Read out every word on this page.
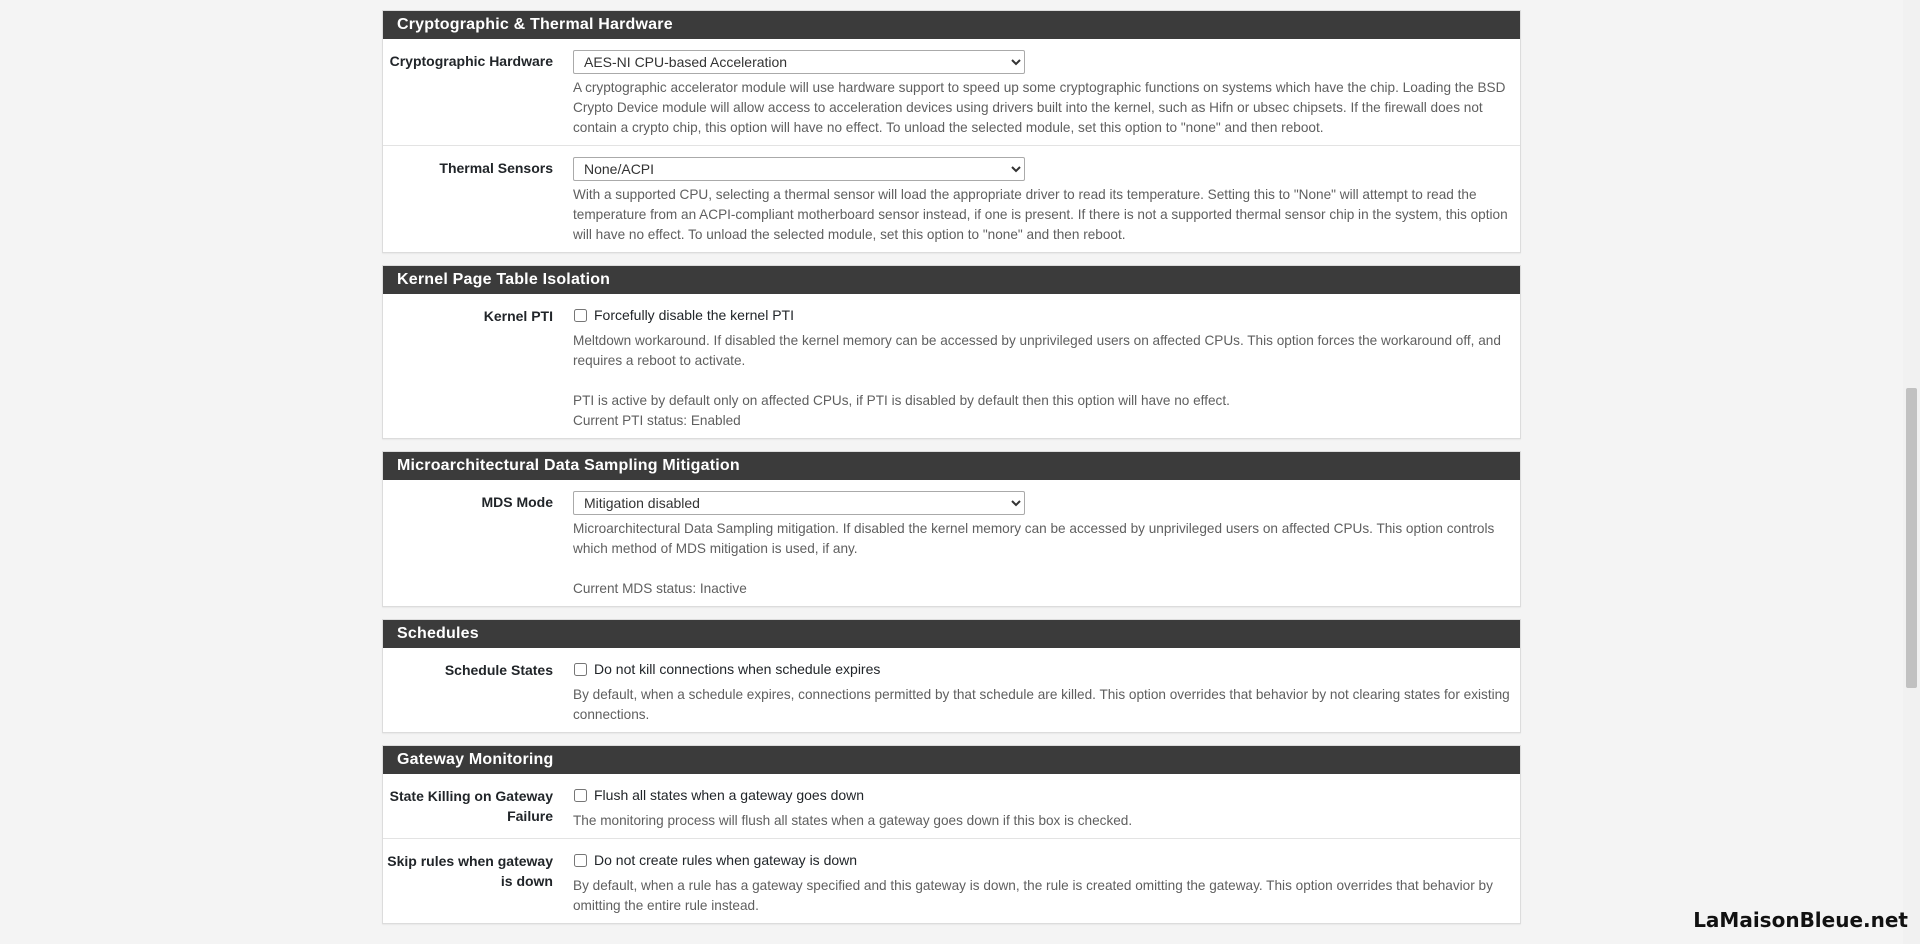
Cryptographic & Thermal Hardware
Cryptographic Hardware
AES-NI CPU-based Acceleration
A cryptographic accelerator module will use hardware support to speed up some cryptographic functions on systems which have the chip. Loading the BSD Crypto Device module will allow access to acceleration devices using drivers built into the kernel, such as Hifn or ubsec chipsets. If the firewall does not contain a crypto chip, this option will have no effect. To unload the selected module, set this option to "none" and then reboot.
Thermal Sensors
None/ACPI
With a supported CPU, selecting a thermal sensor will load the appropriate driver to read its temperature. Setting this to "None" will attempt to read the temperature from an ACPI-compliant motherboard sensor instead, if one is present. If there is not a supported thermal sensor chip in the system, this option will have no effect. To unload the selected module, set this option to "none" and then reboot.
Kernel Page Table Isolation
Kernel PTI	Forcefully disable the kernel PTI

Meltdown workaround. If disabled the kernel memory can be accessed by unprivileged users on affected CPUs. This option forces the workaround off, and requires a reboot to activate.

PTI is active by default only on affected CPUs, if PTI is disabled by default then this option will have no effect.

Current PTI status: Enabled

Microarchitectural Data Sampling Mitigation
MDS Mode
Mitigation disabled

Microarchitectural Data Sampling mitigation. If disabled the kernel memory can be accessed by unprivileged users on affected CPUs. This option controls which method of MDS mitigation is used, if any.

Current MDS status: Inactive

Schedules
Schedule States	Do not kill connections when schedule expires
By default, when a schedule expires, connections permitted by that schedule are killed. This option overrides that behavior by not clearing states for existing connections.
Gateway Monitoring
State Killing on Gateway Failure
Flush all states when a gateway goes down
The monitoring process will flush all states when a gateway goes down if this box is checked.
Skip rules when gateway is down
Do not create rules when gateway is down
By default, when a rule has a gateway specified and this gateway is down, the rule is created omitting the gateway. This option overrides that behavior by omitting the entire rule instead.
LaMaisonBleue.net
